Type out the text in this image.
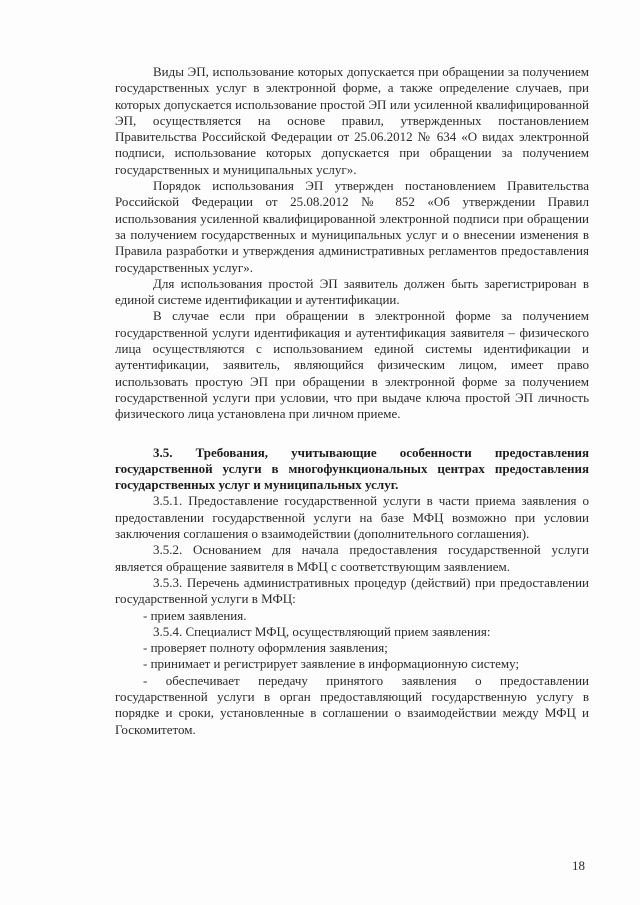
Виды ЭП, использование которых допускается при обращении за получением государственных услуг в электронной форме, а также определение случаев, при которых допускается использование простой ЭП или усиленной квалифицированной ЭП, осуществляется на основе правил, утвержденных постановлением Правительства Российской Федерации от 25.06.2012 № 634 «О видах электронной подписи, использование которых допускается при обращении за получением государственных и муниципальных услуг».

Порядок использования ЭП утвержден постановлением Правительства Российской Федерации от 25.08.2012 № 852 «Об утверждении Правил использования усиленной квалифицированной электронной подписи при обращении за получением государственных и муниципальных услуг и о внесении изменения в Правила разработки и утверждения административных регламентов предоставления государственных услуг».

Для использования простой ЭП заявитель должен быть зарегистрирован в единой системе идентификации и аутентификации.

В случае если при обращении в электронной форме за получением государственной услуги идентификация и аутентификация заявителя – физического лица осуществляются с использованием единой системы идентификации и аутентификации, заявитель, являющийся физическим лицом, имеет право использовать простую ЭП при обращении в электронной форме за получением государственной услуги при условии, что при выдаче ключа простой ЭП личность физического лица установлена при личном приеме.

3.5. Требования, учитывающие особенности предоставления государственной услуги в многофункциональных центрах предоставления государственных услуг и муниципальных услуг.

3.5.1. Предоставление государственной услуги в части приема заявления о предоставлении государственной услуги на базе МФЦ возможно при условии заключения соглашения о взаимодействии (дополнительного соглашения).

3.5.2. Основанием для начала предоставления государственной услуги является обращение заявителя в МФЦ с соответствующим заявлением.

3.5.3. Перечень административных процедур (действий) при предоставлении государственной услуги в МФЦ:

- прием заявления.

3.5.4. Специалист МФЦ, осуществляющий прием заявления:

- проверяет полноту оформления заявления;

- принимает и регистрирует заявление в информационную систему;

- обеспечивает передачу принятого заявления о предоставлении государственной услуги в орган предоставляющий государственную услугу в порядке и сроки, установленные в соглашении о взаимодействии между МФЦ и Госкомитетом.

18
